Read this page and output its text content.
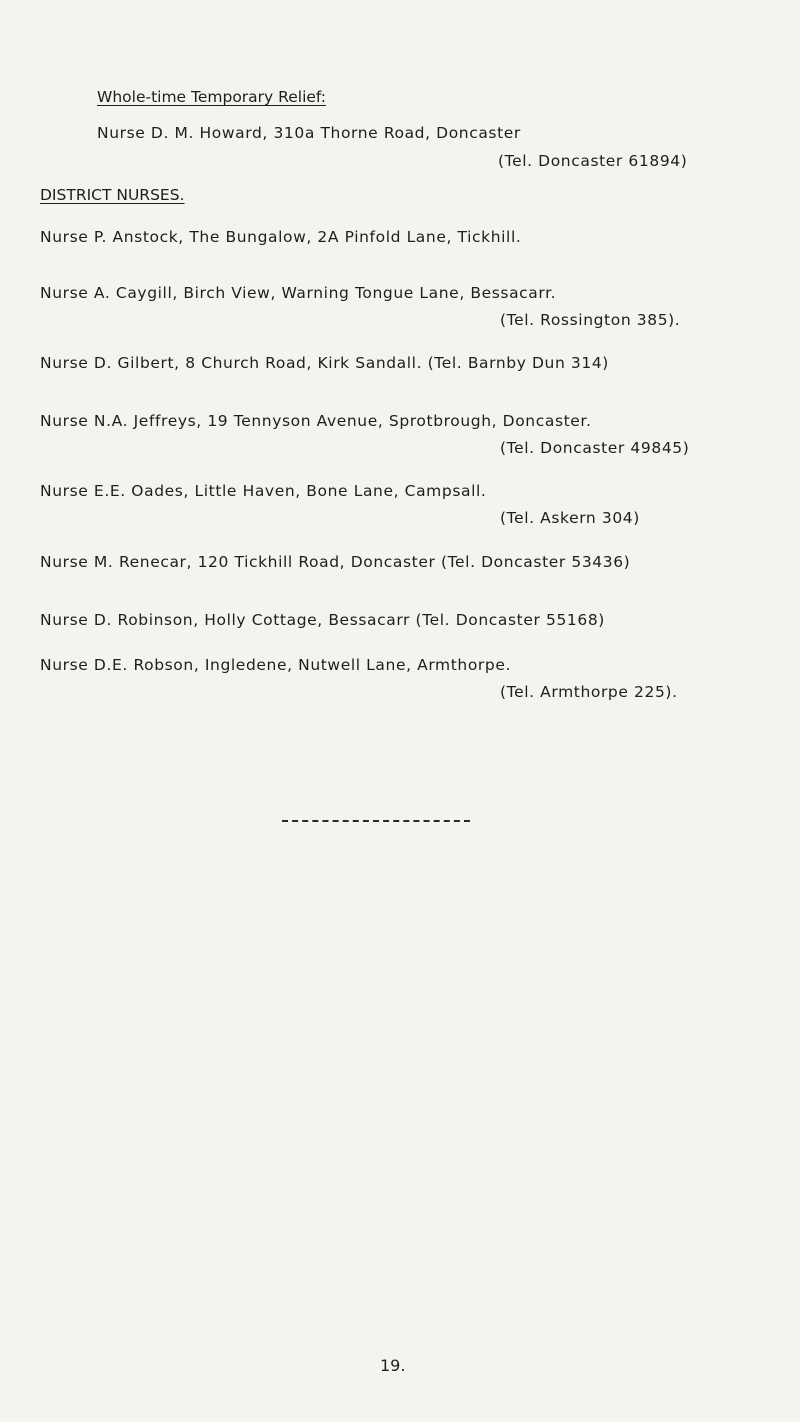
Whole-time Temporary Relief:
Nurse D. M. Howard, 310a Thorne Road, Doncaster
(Tel. Doncaster 61894)
DISTRICT NURSES.
Nurse P. Anstock, The Bungalow, 2A Pinfold Lane, Tickhill.
Nurse A. Caygill, Birch View, Warning Tongue Lane, Bessacarr.
(Tel. Rossington 385).
Nurse D. Gilbert, 8 Church Road, Kirk Sandall. (Tel. Barnby Dun 314)
Nurse N.A. Jeffreys, 19 Tennyson Avenue, Sprotbrough, Doncaster.
(Tel. Doncaster 49845)
Nurse E.E. Oades, Little Haven, Bone Lane, Campsall.
(Tel. Askern 304)
Nurse M. Renecar, 120 Tickhill Road, Doncaster (Tel. Doncaster 53436)
Nurse D. Robinson, Holly Cottage, Bessacarr (Tel. Doncaster 55168)
Nurse D.E. Robson, Ingledene, Nutwell Lane, Armthorpe.
(Tel. Armthorpe 225).
19.
